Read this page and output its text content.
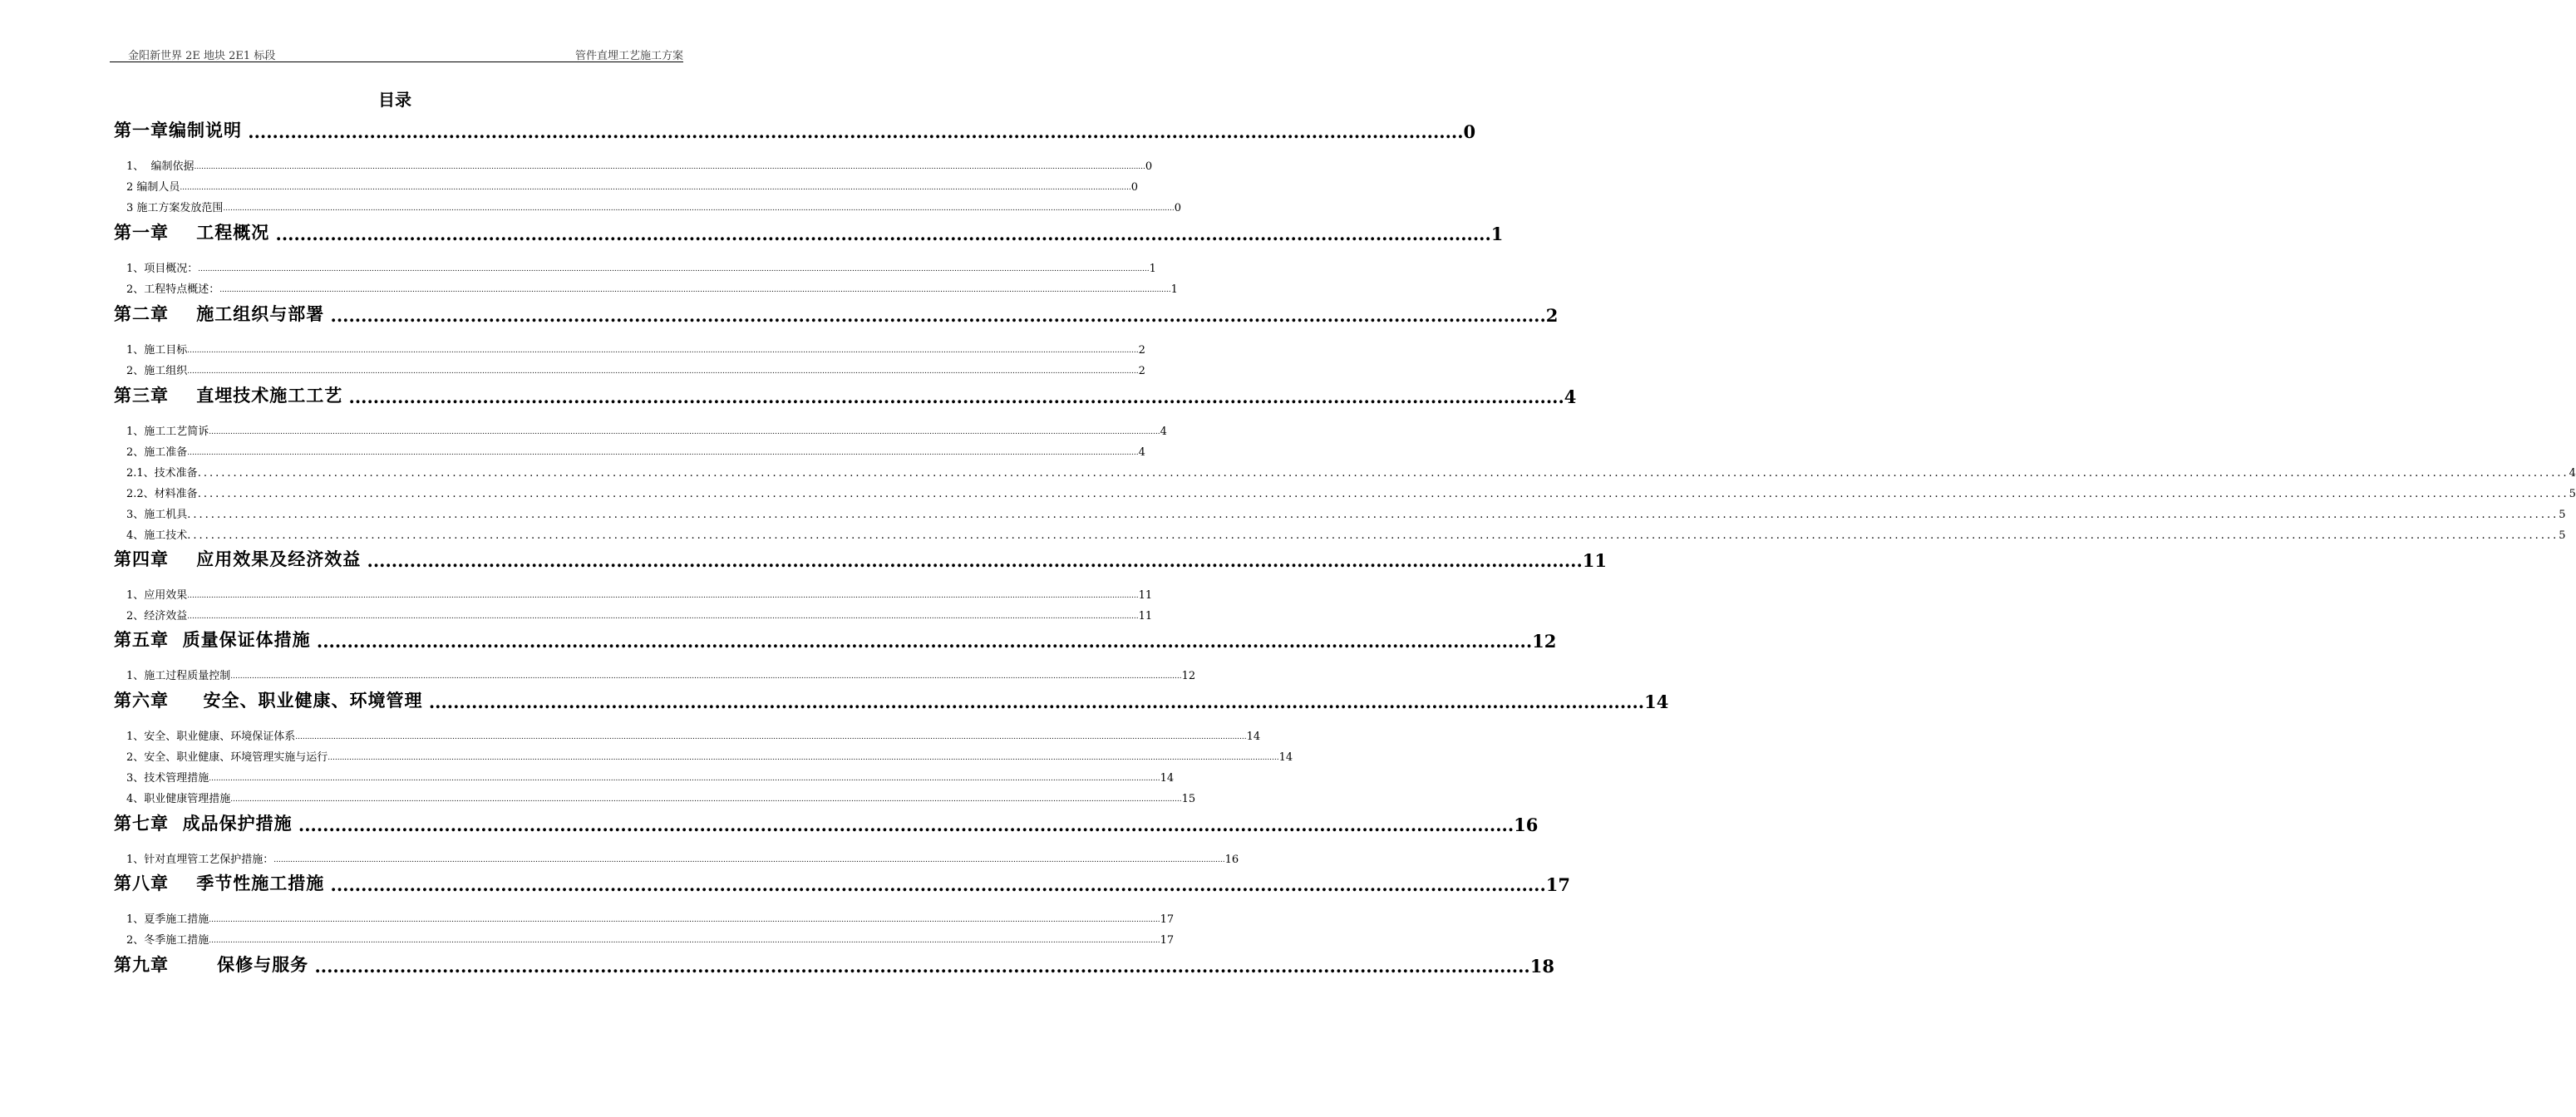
金阳新世界 2E 地块 2E1 标段	管件直埋工艺施工方案
目录
第一章编制说明 ........................................................................................................................................................................................................ 0
1、  编制依据 ................................................................................................................................................................................................................................................................................................................................................................................................................ 0
2 编制人员 ................................................................................................................................................................................................................................................................................................................................................................................................................ 0
3 施工方案发放范围 ................................................................................................................................................................................................................................................................................................................................................................................................................ 0
第一章    工程概况 ........................................................................................................................................................................................................ 1
1、项目概况： ................................................................................................................................................................................................................................................................................................................................................................................................................ 1
2、工程特点概述： ................................................................................................................................................................................................................................................................................................................................................................................................................ 1
第二章    施工组织与部署 ........................................................................................................................................................................................................ 2
1、施工目标 ................................................................................................................................................................................................................................................................................................................................................................................................................ 2
2、施工组织 ................................................................................................................................................................................................................................................................................................................................................................................................................ 2
第三章    直埋技术施工工艺 ........................................................................................................................................................................................................ 4
1、施工工艺简诉 ................................................................................................................................................................................................................................................................................................................................................................................................................ 4
2、施工准备 ................................................................................................................................................................................................................................................................................................................................................................................................................ 4
2.1、技术准备 ................................................................................................................................................................................................................................................................................................................................................................................................................ 4
2.2、材料准备 ................................................................................................................................................................................................................................................................................................................................................................................................................ 5
3、施工机具 ................................................................................................................................................................................................................................................................................................................................................................................................................ 5
4、施工技术 ................................................................................................................................................................................................................................................................................................................................................................................................................ 5
第四章    应用效果及经济效益 ........................................................................................................................................................................................................ 11
1、应用效果 ................................................................................................................................................................................................................................................................................................................................................................................................................ 11
2、经济效益 ................................................................................................................................................................................................................................................................................................................................................................................................................ 11
第五章  质量保证体措施 ........................................................................................................................................................................................................ 12
1、施工过程质量控制 ................................................................................................................................................................................................................................................................................................................................................................................................................ 12
第六章     安全、职业健康、环境管理 ........................................................................................................................................................................................................ 14
1、安全、职业健康、环境保证体系 ................................................................................................................................................................................................................................................................................................................................................................................................................ 14
2、安全、职业健康、环境管理实施与运行 ................................................................................................................................................................................................................................................................................................................................................................................................................ 14
3、技术管理措施 ................................................................................................................................................................................................................................................................................................................................................................................................................ 14
4、职业健康管理措施 ................................................................................................................................................................................................................................................................................................................................................................................................................ 15
第七章  成品保护措施 ........................................................................................................................................................................................................ 16
1、针对直埋管工艺保护措施： ................................................................................................................................................................................................................................................................................................................................................................................................................ 16
第八章    季节性施工措施 ........................................................................................................................................................................................................ 17
1、夏季施工措施 ................................................................................................................................................................................................................................................................................................................................................................................................................ 17
2、冬季施工措施 ................................................................................................................................................................................................................................................................................................................................................................................................................ 17
第九章       保修与服务 ........................................................................................................................................................................................................ 18
